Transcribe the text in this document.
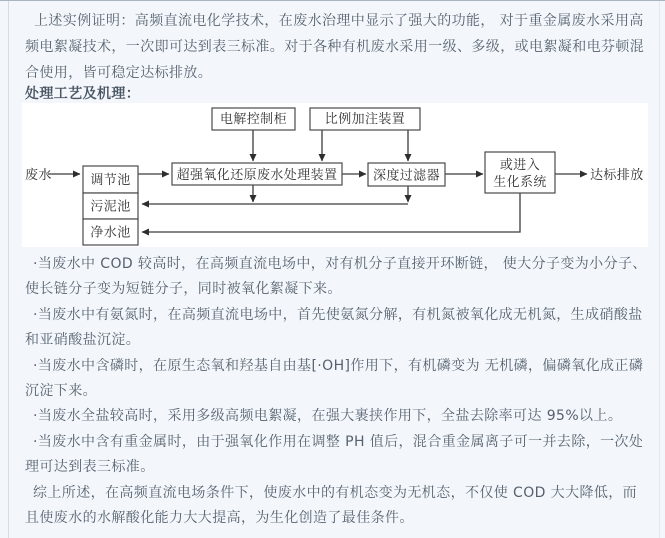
上述实例证明：高频直流电化学技术，在废水治理中显示了强大的功能， 对于重金属废水采用高频电絮凝技术，一次即可达到表三标准。对于各种有机废水采用一级、多级，或电絮凝和电芬顿混合使用，皆可稳定达标排放。

处理工艺及机理：

电解控制柜	比例加注装置
废水	调节池
污泥池
净水池
超强氧化还原废水处理装置	深度过滤器
或进入
生化系统	达标排放

·当废水中 COD 较高时，在高频直流电场中，对有机分子直接开环断链， 使大分子变为小分子、使长链分子变为短链分子，同时被氧化絮凝下来。

·当废水中有氨氮时，在高频直流电场中，首先使氨氮分解，有机氮被氧化成无机氮，生成硝酸盐和亚硝酸盐沉淀。

·当废水中含磷时，在原生态氧和羟基自由基[·OH]作用下，有机磷变为 无机磷，偏磷氧化成正磷沉淀下来。

·当废水全盐较高时，采用多级高频电絮凝，在强大裹挟作用下，全盐去除率可达 95%以上。

·当废水中含有重金属时，由于强氧化作用在调整 PH 值后，混合重金属离子可一并去除，一次处理可达到表三标准。

综上所述，在高频直流电场条件下，使废水中的有机态变为无机态，不仅使 COD 大大降低，而且使废水的水解酸化能力大大提高，为生化创造了最佳条件。
